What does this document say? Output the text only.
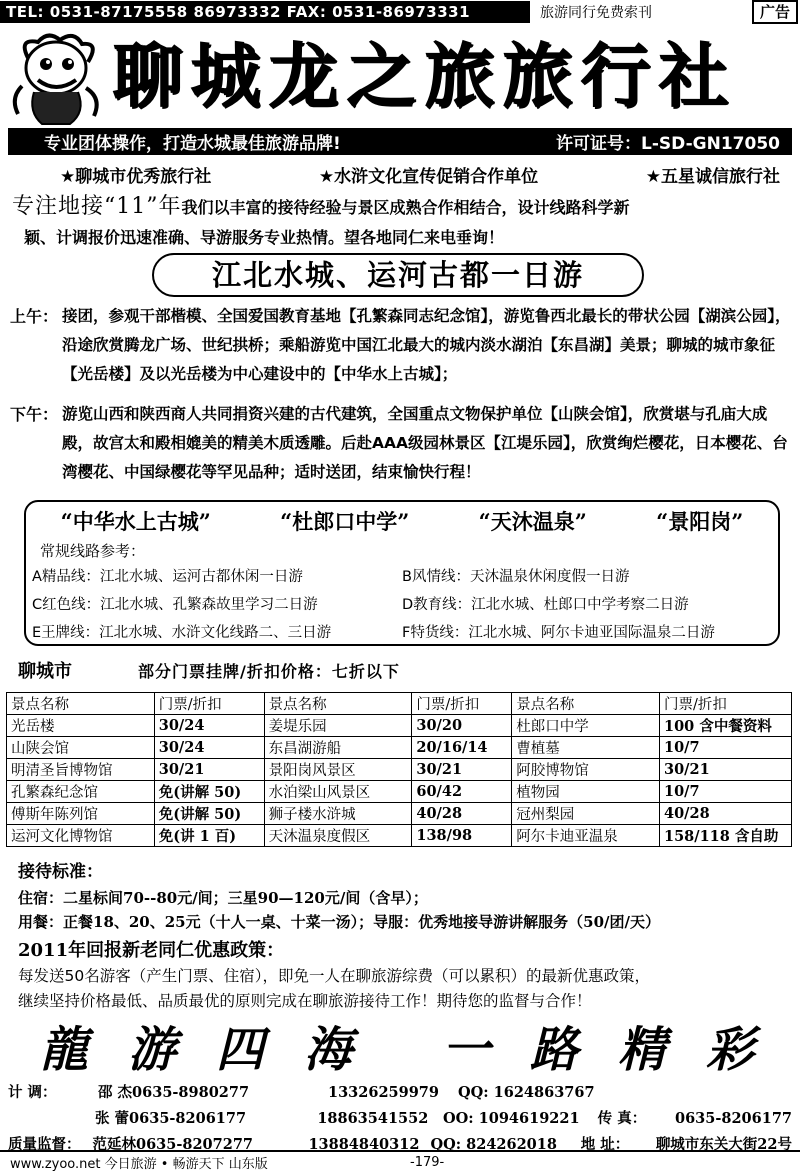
TEL: 0531-87175558 86973332 FAX: 0531-86973331	旅游同行免费索刊	广告
聊城龙之旅旅行社
专业团体操作，打造水城最佳旅游品牌!	许可证号：L-SD-GN17050
★聊城市优秀旅行社	★水浒文化宣传促销合作单位	★五星诚信旅行社
专注地接“11”年我们以丰富的接待经验与景区成熟合作相结合，设计线路科学新
颖、计调报价迅速准确、导游服务专业热情。望各地同仁来电垂询！
江北水城、运河古都一日游
上午： 接团，参观干部楷模、全国爱国教育基地【孔繁森同志纪念馆】，游览鲁西北最长的带状公园【湖滨公园】，沿途欣赏腾龙广场、世纪拱桥；乘船游览中国江北最大的城内淡水湖泊【东昌湖】美景；聊城的城市象征【光岳楼】及以光岳楼为中心建设中的【中华水上古城】；
下午： 游览山西和陕西商人共同捐资兴建的古代建筑，全国重点文物保护单位【山陕会馆】，欣赏堪与孔庙大成殿，故宫太和殿相媲美的精美木质透雕。后赴AAA级园林景区【江堤乐园】，欣赏绚烂樱花，日本樱花、台湾樱花、中国绿樱花等罕见品种；适时送团，结束愉快行程！
“中华水上古城”	“杜郎口中学”	“天沐温泉”	“景阳岗”
常规线路参考：
A精品线：江北水城、运河古都休闲一日游	B风情线：天沐温泉休闲度假一日游
C红色线：江北水城、孔繁森故里学习二日游	D教育线：江北水城、杜郎口中学考察二日游
E王牌线：江北水城、水浒文化线路二、三日游	F特货线：江北水城、阿尔卡迪亚国际温泉二日游
聊城市	部分门票挂牌/折扣价格：七折以下
景点名称	门票/折扣	景点名称	门票/折扣	景点名称	门票/折扣
光岳楼	30/24	姜堤乐园	30/20	杜郎口中学	100 含中餐资料
山陕会馆	30/24	东昌湖游船	20/16/14	曹植墓	10/7
明清圣旨博物馆	30/21	景阳岗风景区	30/21	阿胶博物馆	30/21
孔繁森纪念馆	免(讲解 50)	水泊梁山风景区	60/42	植物园	10/7
傅斯年陈列馆	免(讲解 50)	狮子楼水浒城	40/28	冠州梨园	40/28
运河文化博物馆	免(讲 1 百)	天沐温泉度假区	138/98	阿尔卡迪亚温泉	158/118 含自助
接待标准：
住宿：二星标间70--80元/间；三星90—120元/间（含早）；
用餐：正餐18、20、25元（十人一桌、十菜一汤）；导服：优秀地接导游讲解服务（50/团/天）
2011年回报新老同仁优惠政策：
每发送50名游客（产生门票、住宿），即免一人在聊旅游综费（可以累积）的最新优惠政策，
继续坚持价格最低、品质最优的原则完成在聊旅游接待工作！期待您的监督与合作！
龍 游 四 海 一 路 精 彩
计 调：	邵 杰0635-8980277	13326259979	QQ: 1624863767
张 蕾0635-8206177	18863541552	OO: 1094619221	传 真：	0635-8206177
质量监督： 范延林0635-8207277	13884840312 QQ: 824262018	地 址：	聊城市东关大街22号
www.zyoo.net 今日旅游 • 畅游天下 山东版	-179-
